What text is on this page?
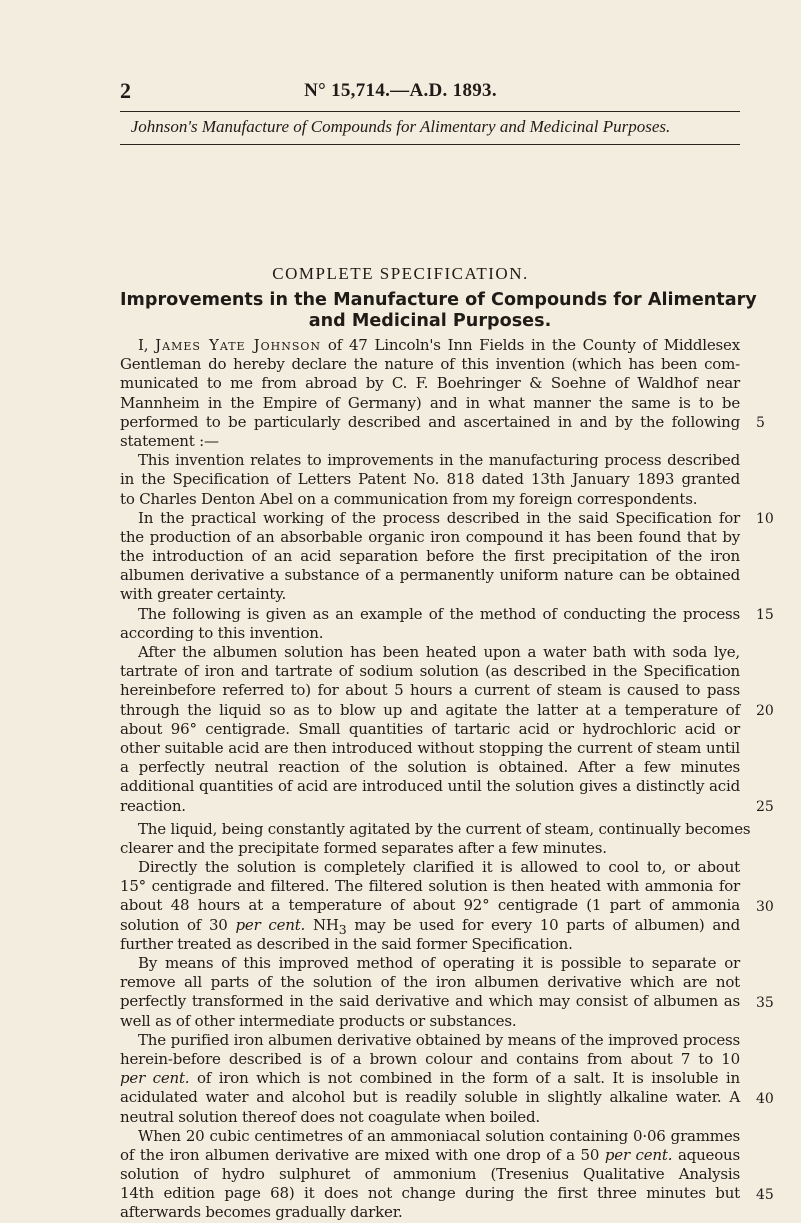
2	N° 15,714.—A.D. 1893.
Johnson's Manufacture of Compounds for Alimentary and Medicinal Purposes.
COMPLETE SPECIFICATION.
Improvements in the Manufacture of Compounds for Alimentary
and Medicinal Purposes.
I, James Yate Johnson of 47 Lincoln's Inn Fields in the County of Middlesex
Gentleman do hereby declare the nature of this invention (which has been com-
municated to me from abroad by C. F. Boehringer & Soehne of Waldhof near
Mannheim in the Empire of Germany) and in what manner the same is to be
performed to be particularly described and ascertained in and by the following
statement :—
This invention relates to improvements in the manufacturing process described
in the Specification of Letters Patent No. 818 dated 13th January 1893 granted
to Charles Denton Abel on a communication from my foreign correspondents.
In the practical working of the process described in the said Specification for
the production of an absorbable organic iron compound it has been found that by
the introduction of an acid separation before the first precipitation of the iron
albumen derivative a substance of a permanently uniform nature can be obtained
with greater certainty.
The following is given as an example of the method of conducting the process
according to this invention.
After the albumen solution has been heated upon a water bath with soda lye,
tartrate of iron and tartrate of sodium solution (as described in the Specification
hereinbefore referred to) for about 5 hours a current of steam is caused to pass
through the liquid so as to blow up and agitate the latter at a temperature of
about 96° centigrade. Small quantities of tartaric acid or hydrochloric acid or
other suitable acid are then introduced without stopping the current of steam until
a perfectly neutral reaction of the solution is obtained. After a few minutes
additional quantities of acid are introduced until the solution gives a distinctly acid
reaction.
The liquid, being constantly agitated by the current of steam, continually becomes
clearer and the precipitate formed separates after a few minutes.
Directly the solution is completely clarified it is allowed to cool to, or about
15° centigrade and filtered. The filtered solution is then heated with ammonia for
about 48 hours at a temperature of about 92° centigrade (1 part of ammonia
solution of 30 per cent. $NH_3$ may be used for every 10 parts of albumen) and
further treated as described in the said former Specification.
By means of this improved method of operating it is possible to separate or
remove all parts of the solution of the iron albumen derivative which are not
perfectly transformed in the said derivative and which may consist of albumen as
well as of other intermediate products or substances.
The purified iron albumen derivative obtained by means of the improved process
herein-before described is of a brown colour and contains from about 7 to 10
per cent. of iron which is not combined in the form of a salt. It is insoluble in
acidulated water and alcohol but is readily soluble in slightly alkaline water. A
neutral solution thereof does not coagulate when boiled.
When 20 cubic centimetres of an ammoniacal solution containing 0·06 grammes
of the iron albumen derivative are mixed with one drop of a 50 per cent. aqueous
solution of hydro sulphuret of ammonium (Tresenius Qualitative Analysis
14th edition page 68) it does not change during the first three minutes but
afterwards becomes gradually darker.
5
10
15
20
25
30
35
40
45
